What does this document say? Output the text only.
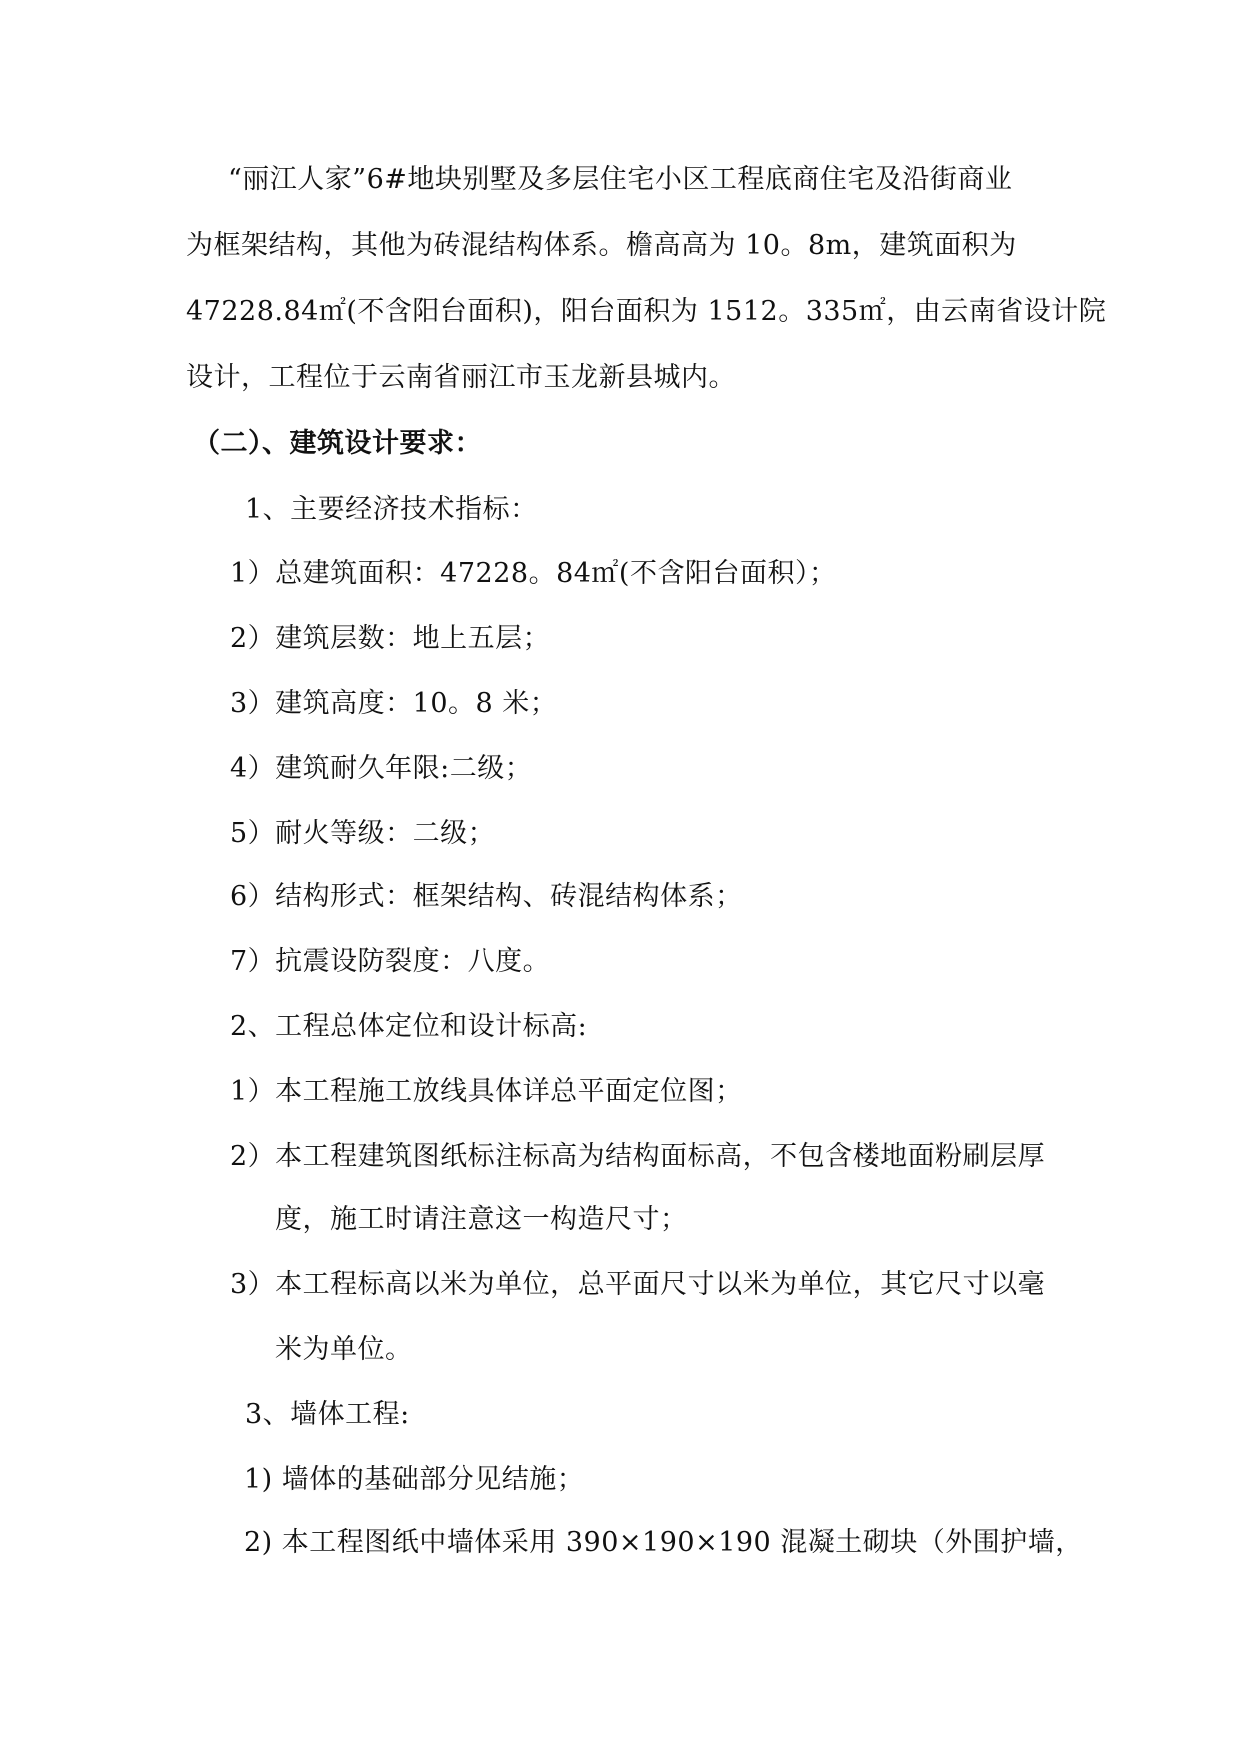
“丽江人家”6#地块别墅及多层住宅小区工程底商住宅及沿街商业
为框架结构，其他为砖混结构体系。檐高高为 10。8m，建筑面积为
47228.84㎡(不含阳台面积)，阳台面积为 1512。335㎡，由云南省设计院
设计，工程位于云南省丽江市玉龙新县城内。
（二）、建筑设计要求：
1、主要经济技术指标：
1）总建筑面积：47228。84㎡(不含阳台面积）；
2）建筑层数：地上五层；
3）建筑高度：10。8 米；
4）建筑耐久年限:二级；
5）耐火等级：二级；
6）结构形式：框架结构、砖混结构体系；
7）抗震设防裂度：八度。
2、工程总体定位和设计标高:
1）本工程施工放线具体详总平面定位图；
2）本工程建筑图纸标注标高为结构面标高，不包含楼地面粉刷层厚
度，施工时请注意这一构造尺寸；
3）本工程标高以米为单位，总平面尺寸以米为单位，其它尺寸以毫
米为单位。
3、墙体工程:
1) 墙体的基础部分见结施；
2) 本工程图纸中墙体采用 390×190×190 混凝土砌块（外围护墙，
